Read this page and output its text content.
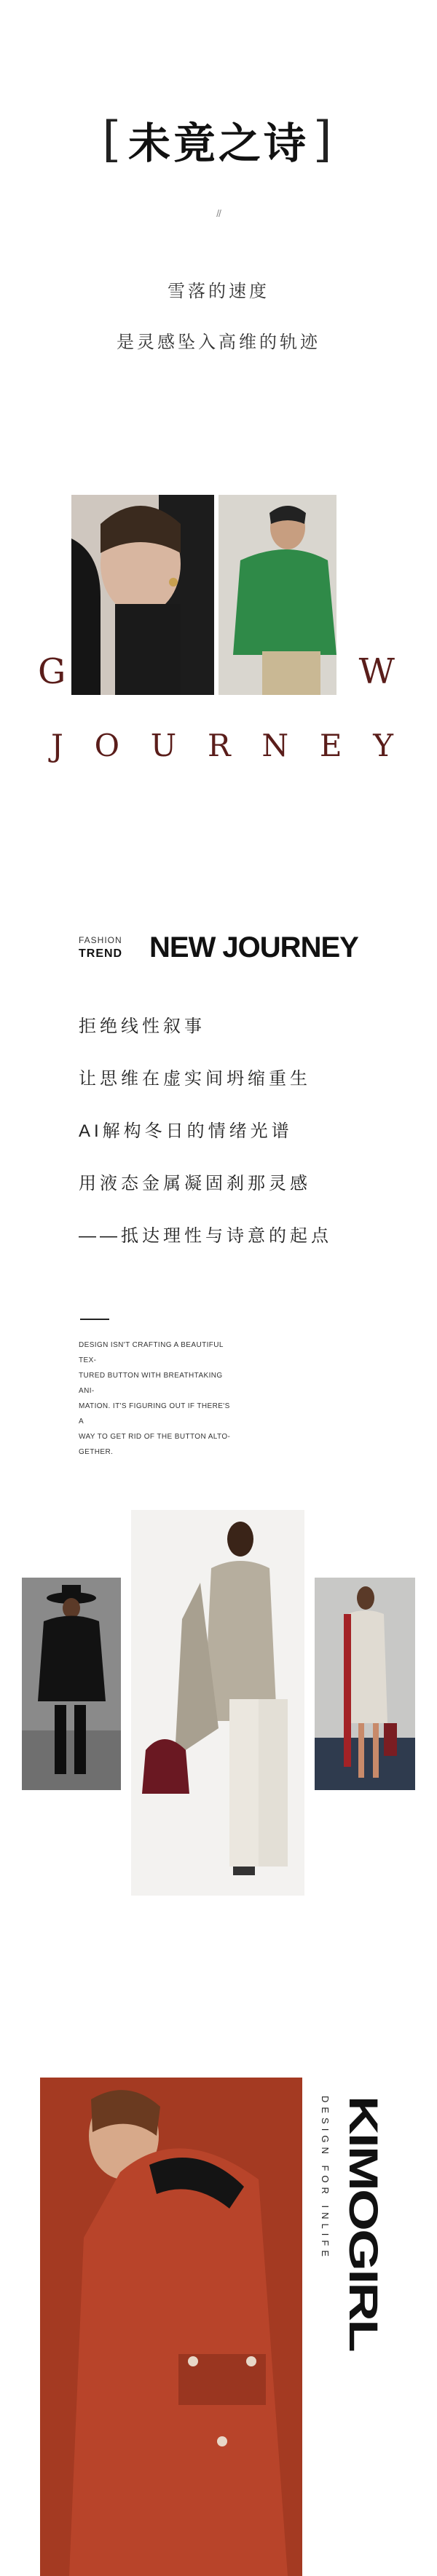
[ 未竟之诗 ]
//
雪落的速度
是灵感坠入高维的轨迹
G	W
J O U R N E Y
FASHION
TREND NEW JOURNEY
拒绝线性叙事
让思维在虚实间坍缩重生
AI解构冬日的情绪光谱
用液态金属凝固刹那灵感
——抵达理性与诗意的起点
DESIGN ISN'T CRAFTING A BEAUTIFUL TEX-
TURED BUTTON WITH BREATHTAKING ANI-
MATION. IT'S FIGURING OUT IF THERE'S A
WAY TO GET RID OF THE BUTTON ALTO-
GETHER.
DESIGN FOR INLIFE KIMOGIRL
